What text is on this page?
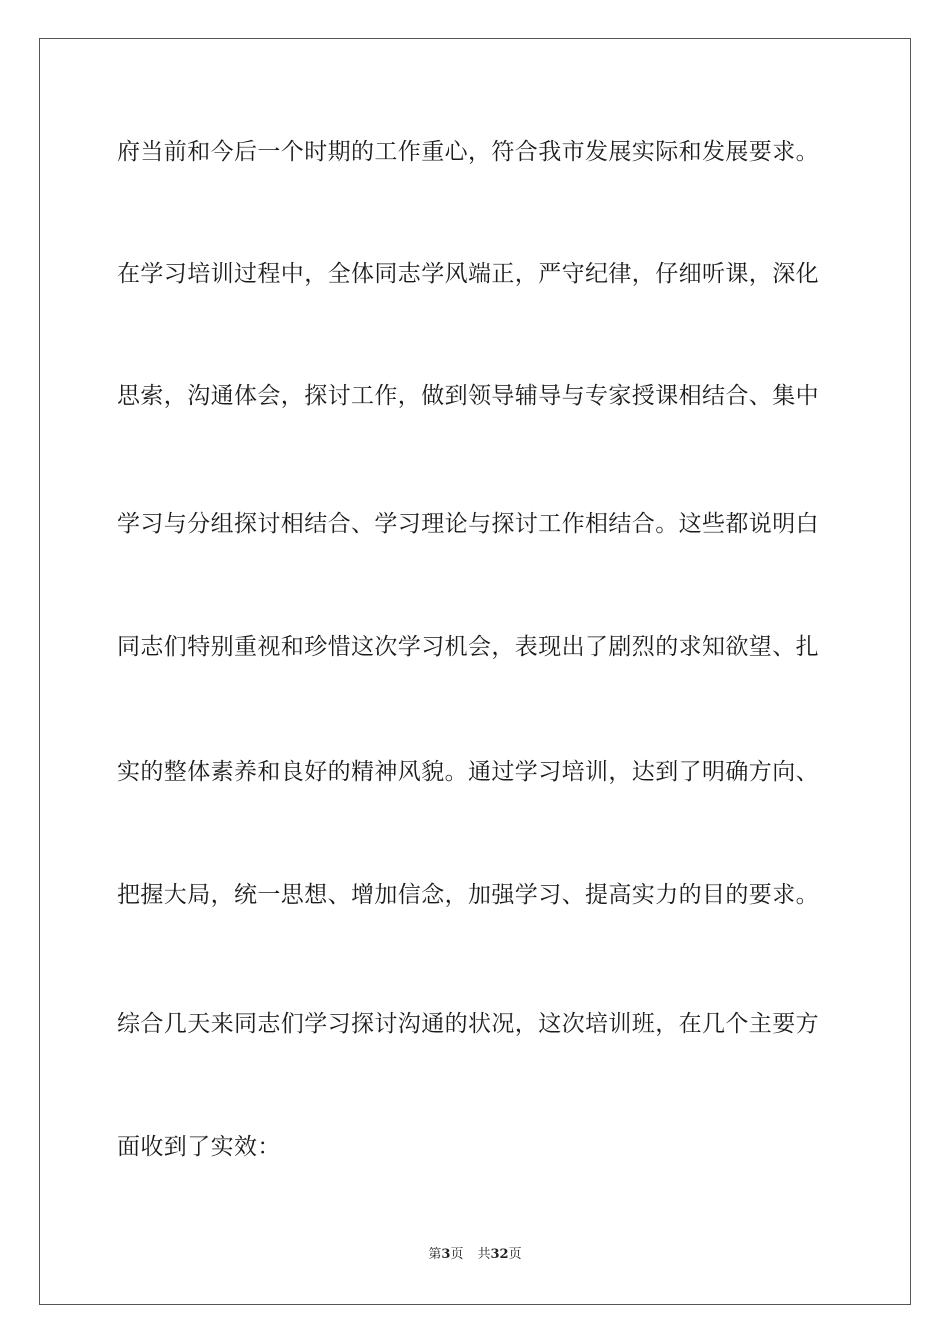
府当前和今后一个时期的工作重心，符合我市发展实际和发展要求。
在学习培训过程中，全体同志学风端正，严守纪律，仔细听课，深化
思索，沟通体会，探讨工作，做到领导辅导与专家授课相结合、集中
学习与分组探讨相结合、学习理论与探讨工作相结合。这些都说明白
同志们特别重视和珍惜这次学习机会，表现出了剧烈的求知欲望、扎
实的整体素养和良好的精神风貌。通过学习培训，达到了明确方向、
把握大局，统一思想、增加信念，加强学习、提高实力的目的要求。
综合几天来同志们学习探讨沟通的状况，这次培训班，在几个主要方
面收到了实效：
第3页 共32页
